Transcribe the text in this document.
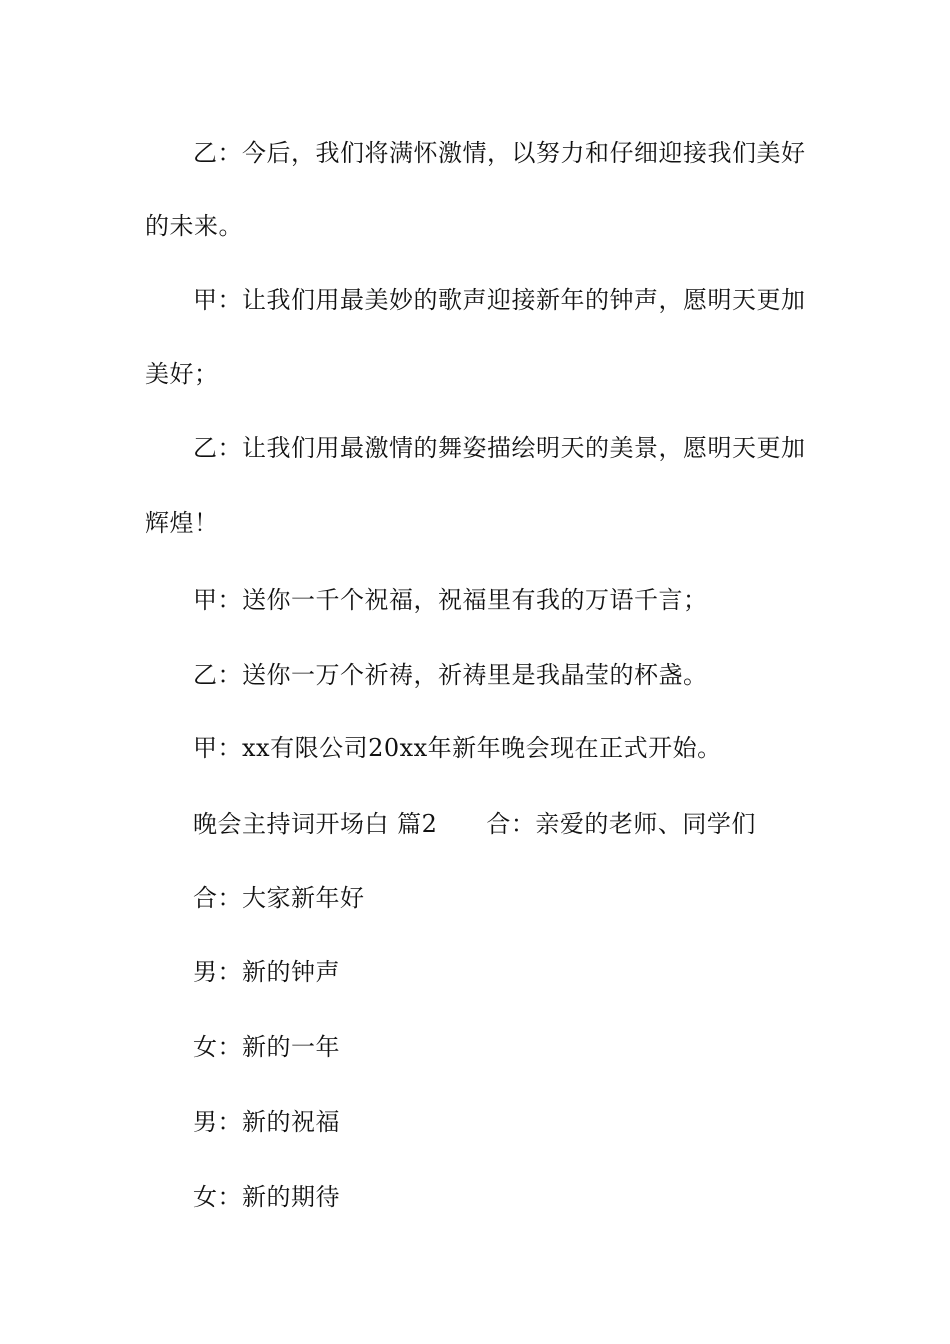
乙：今后，我们将满怀激情，以努力和仔细迎接我们美好
的未来。
甲：让我们用最美妙的歌声迎接新年的钟声，愿明天更加
美好；
乙：让我们用最激情的舞姿描绘明天的美景，愿明天更加
辉煌！
甲：送你一千个祝福，祝福里有我的万语千言；
乙：送你一万个祈祷，祈祷里是我晶莹的杯盏。
甲：xx有限公司20xx年新年晚会现在正式开始。
晚会主持词开场白 篇2　　合：亲爱的老师、同学们
合：大家新年好
男：新的钟声
女：新的一年
男：新的祝福
女：新的期待
